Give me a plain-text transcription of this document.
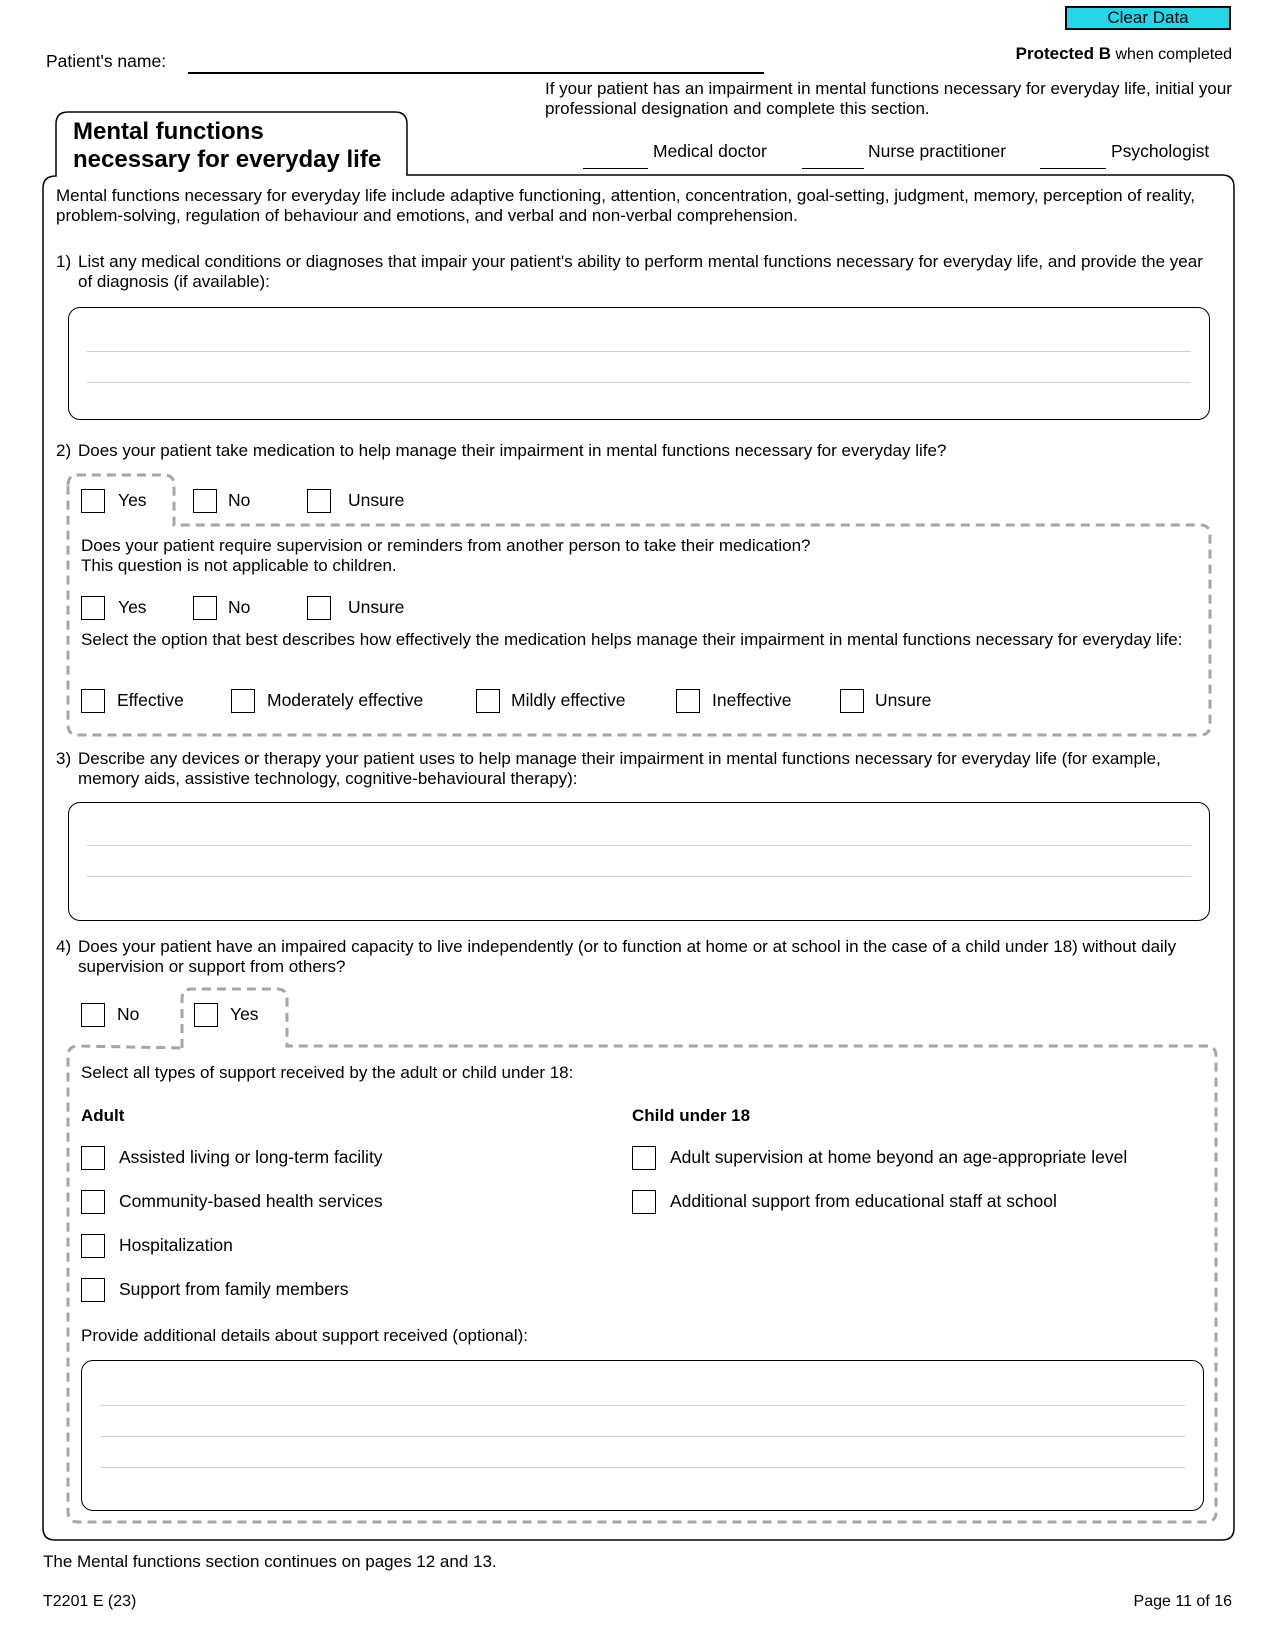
Clear Data
Protected B when completed
Patient's name:
If your patient has an impairment in mental functions necessary for everyday life, initial your professional designation and complete this section.
Mental functions
necessary for everyday life	Medical doctor	Nurse practitioner	Psychologist
Mental functions necessary for everyday life include adaptive functioning, attention, concentration, goal-setting, judgment, memory, perception of reality, problem-solving, regulation of behaviour and emotions, and verbal and non-verbal comprehension.
1) List any medical conditions or diagnoses that impair your patient's ability to perform mental functions necessary for everyday life, and provide the year of diagnosis (if available):
2) Does your patient take medication to help manage their impairment in mental functions necessary for everyday life?
Yes	No	Unsure
Does your patient require supervision or reminders from another person to take their medication?
This question is not applicable to children.
Yes	No	Unsure
Select the option that best describes how effectively the medication helps manage their impairment in mental functions necessary for everyday life:
Effective	Moderately effective	Mildly effective	Ineffective	Unsure
3) Describe any devices or therapy your patient uses to help manage their impairment in mental functions necessary for everyday life (for example, memory aids, assistive technology, cognitive-behavioural therapy):
4) Does your patient have an impaired capacity to live independently (or to function at home or at school in the case of a child under 18) without daily supervision or support from others?
No	Yes
Select all types of support received by the adult or child under 18:
Adult	Child under 18
Assisted living or long-term facility
Community-based health services
Hospitalization
Support from family members
Adult supervision at home beyond an age-appropriate level
Additional support from educational staff at school
Provide additional details about support received (optional):
The Mental functions section continues on pages 12 and 13.
T2201 E (23)	Page 11 of 16
